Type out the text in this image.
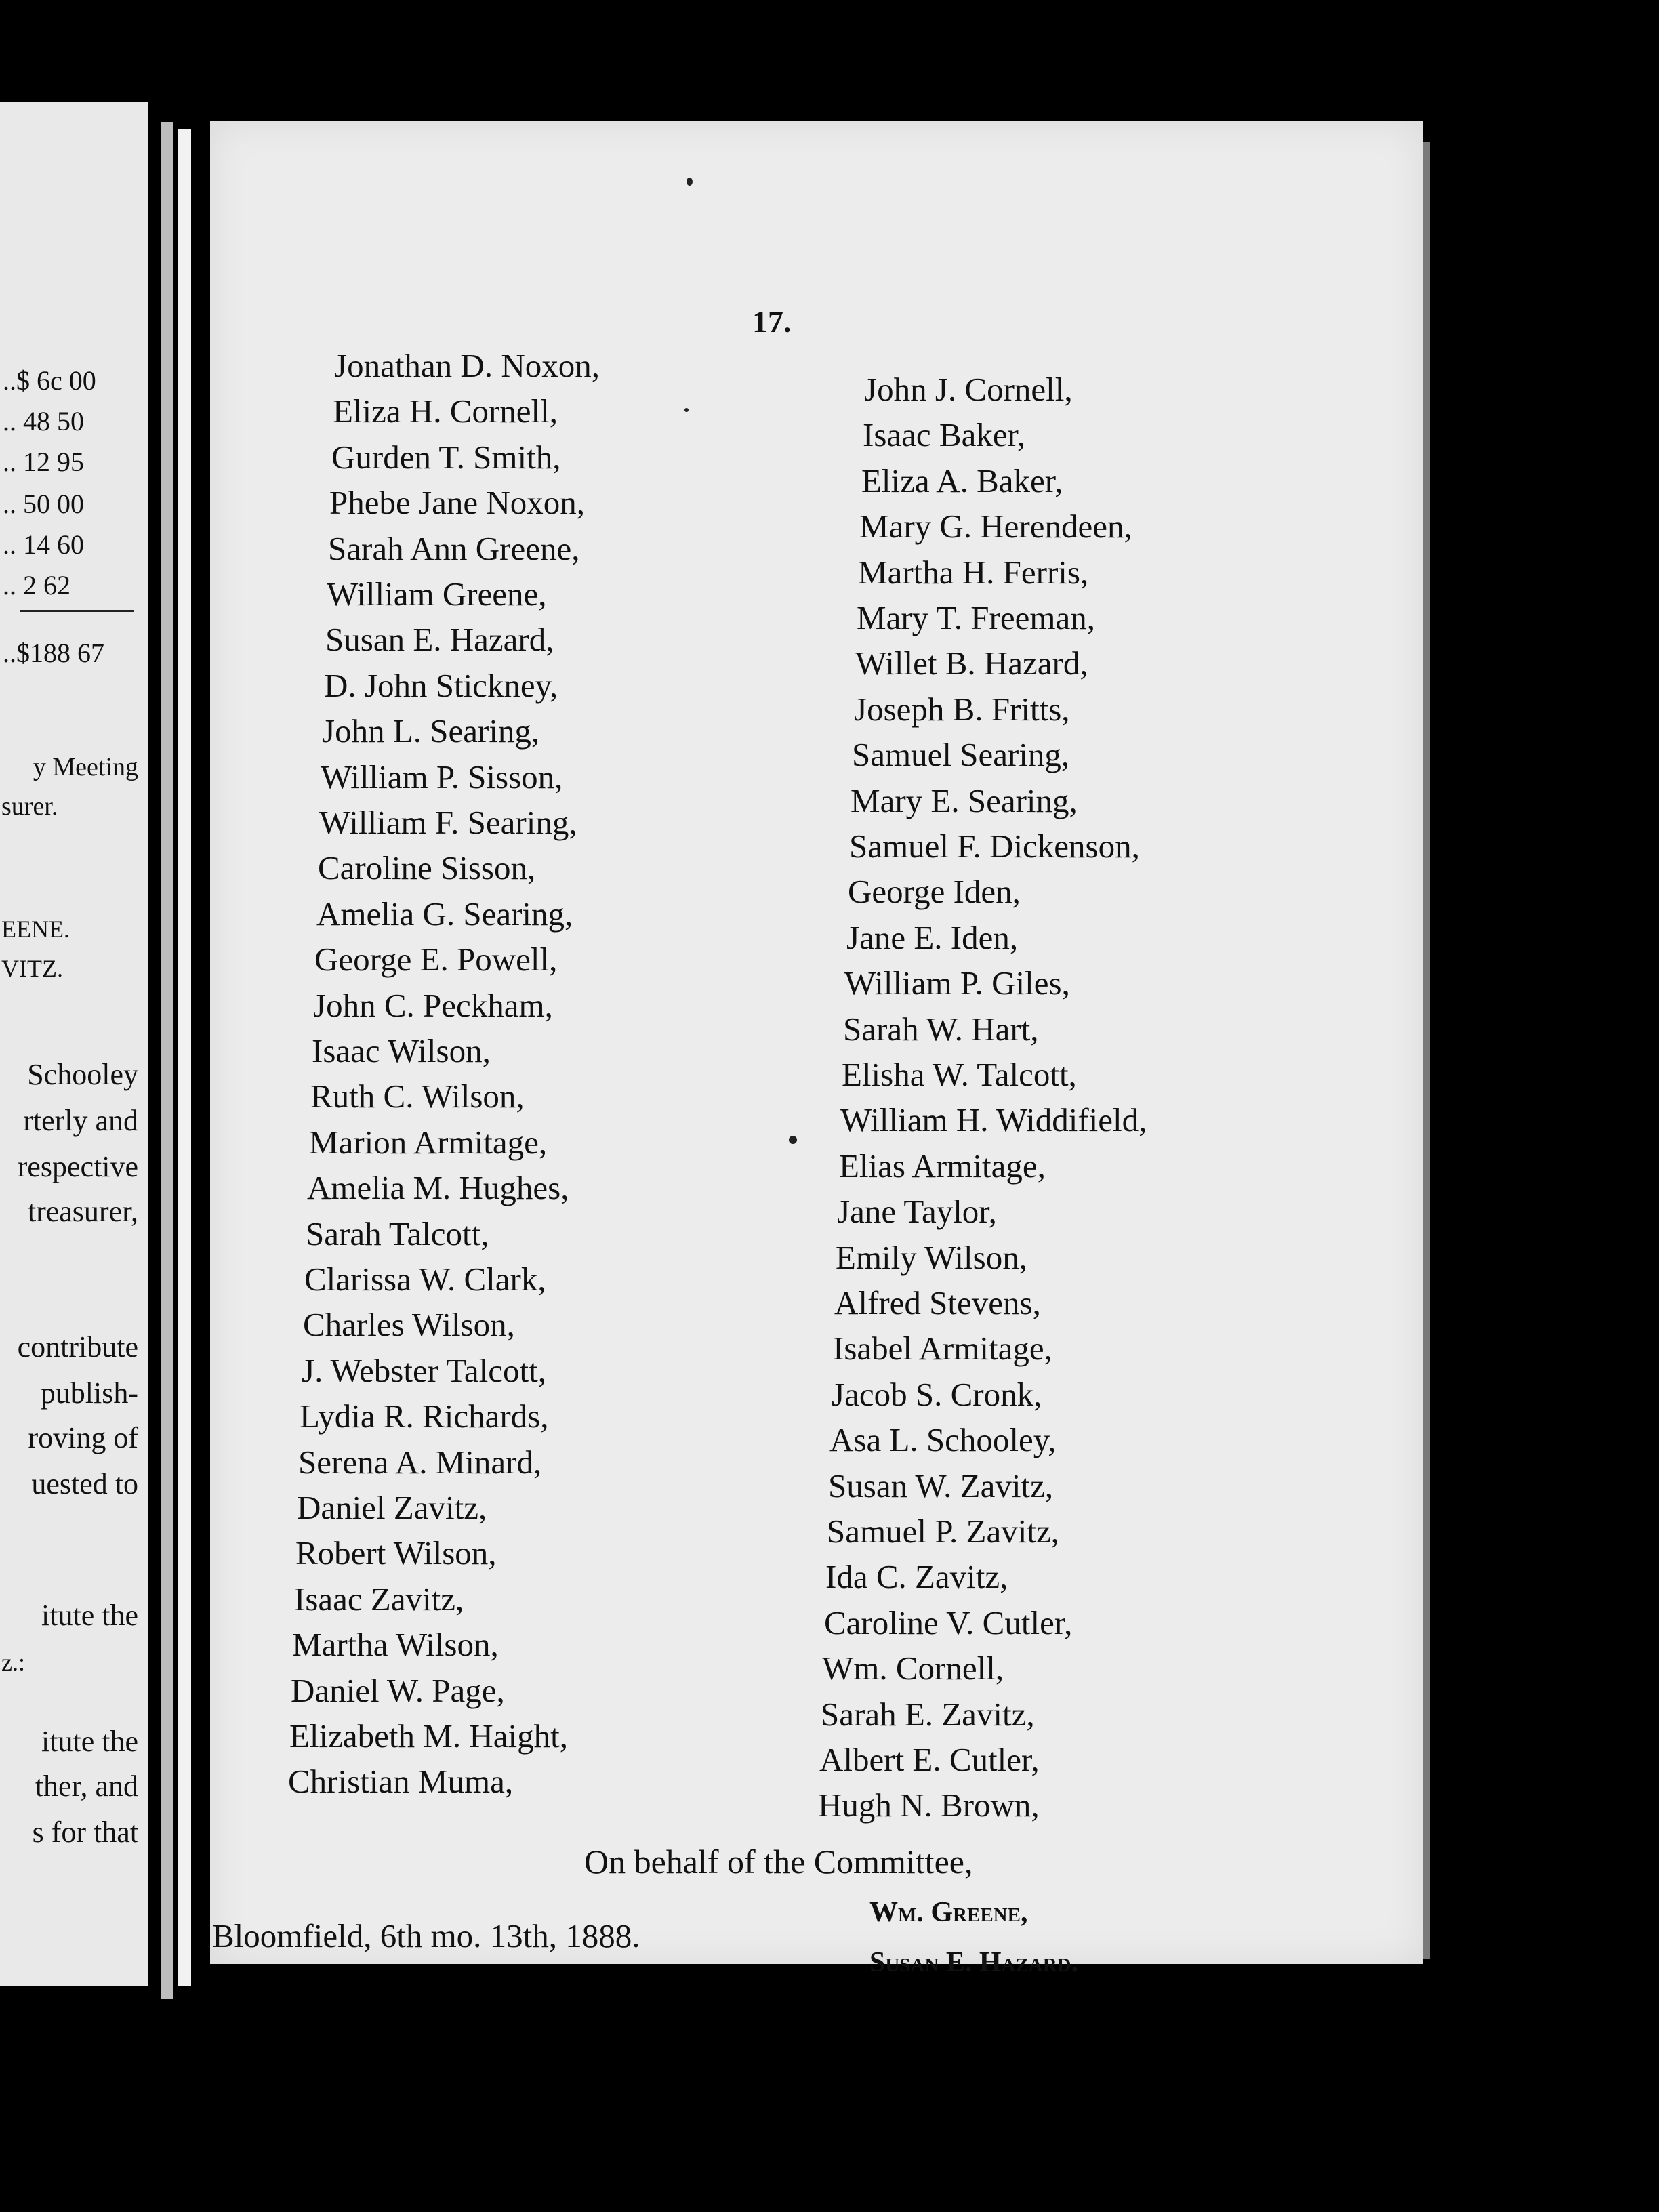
..$ 6c 00
.. 48 50
.. 12 95
.. 50 00
.. 14 60
.. 2 62
..$188 67
y Meeting
surer.
EENE.
VITZ.
Schooley
rterly and
respective
treasurer,
contribute
publish-
roving of
uested to
itute the
z.:
itute the
ther, and
s for that
17.
Jonathan D. Noxon,
Eliza H. Cornell,
Gurden T. Smith,
Phebe Jane Noxon,
Sarah Ann Greene,
William Greene,
Susan E. Hazard,
D. John Stickney,
John L. Searing,
William P. Sisson,
William F. Searing,
Caroline Sisson,
Amelia G. Searing,
George E. Powell,
John C. Peckham,
Isaac Wilson,
Ruth C. Wilson,
Marion Armitage,
Amelia M. Hughes,
Sarah Talcott,
Clarissa W. Clark,
Charles Wilson,
J. Webster Talcott,
Lydia R. Richards,
Serena A. Minard,
Daniel Zavitz,
Robert Wilson,
Isaac Zavitz,
Martha Wilson,
Daniel W. Page,
Elizabeth M. Haight,
Christian Muma,
John J. Cornell,
Isaac Baker,
Eliza A. Baker,
Mary G. Herendeen,
Martha H. Ferris,
Mary T. Freeman,
Willet B. Hazard,
Joseph B. Fritts,
Samuel Searing,
Mary E. Searing,
Samuel F. Dickenson,
George Iden,
Jane E. Iden,
William P. Giles,
Sarah W. Hart,
Elisha W. Talcott,
William H. Widdifield,
Elias Armitage,
Jane Taylor,
Emily Wilson,
Alfred Stevens,
Isabel Armitage,
Jacob S. Cronk,
Asa L. Schooley,
Susan W. Zavitz,
Samuel P. Zavitz,
Ida C. Zavitz,
Caroline V. Cutler,
Wm. Cornell,
Sarah E. Zavitz,
Albert E. Cutler,
Hugh N. Brown,
On behalf of the Committee,
Wm. Greene,
Susan E. Hazard.
Bloomfield, 6th mo. 13th, 1888.
